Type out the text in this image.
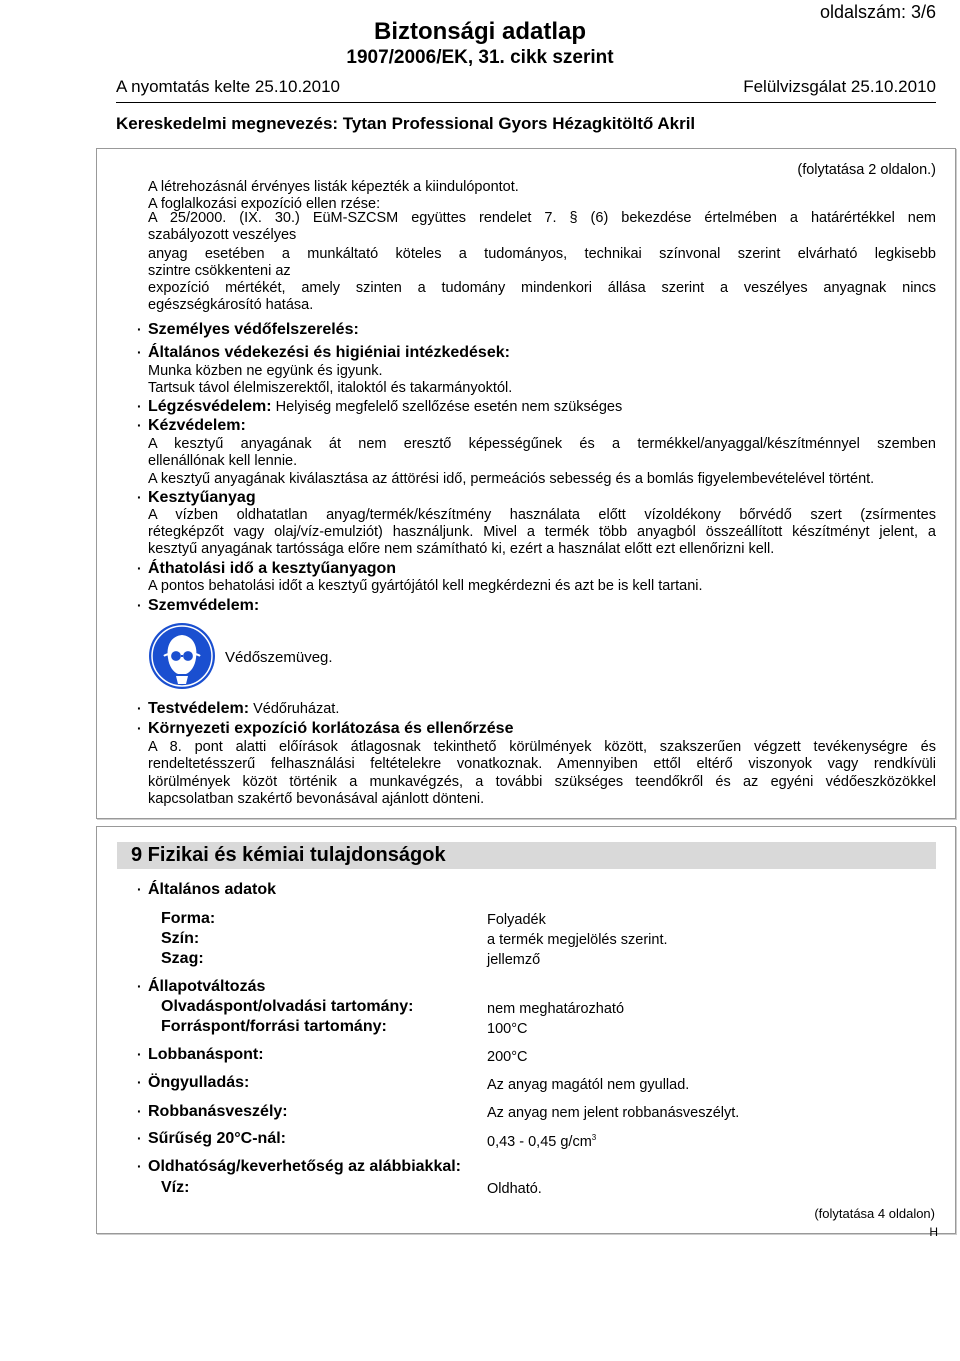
oldalszám: 3/6
Biztonsági adatlap
1907/2006/EK, 31. cikk szerint
A nyomtatás kelte 25.10.2010	Felülvizsgálat 25.10.2010
Kereskedelmi megnevezés: Tytan Professional Gyors Hézagkitöltő Akril
(folytatása 2 oldalon.)
A létrehozásnál érvényes listák képezték a kiindulópontot.
A foglalkozási expozíció ellen rzése:
A 25/2000. (IX. 30.) EüM-SZCSM együttes rendelet 7. § (6) bekezdése értelmében a határértékkel nem
szabályozott veszélyes
anyag esetében a munkáltató köteles a tudományos, technikai színvonal szerint elvárható legkisebb
szintre csökkenteni az
expozíció mértékét, amely szinten a tudomány mindenkori állása szerint a veszélyes anyagnak nincs
egészségkárosító hatása.
· Személyes védőfelszerelés:
· Általános védekezési és higiéniai intézkedések:
Munka közben ne együnk és igyunk.
Tartsuk távol élelmiszerektől, italoktól és takarmányoktól.
· Légzésvédelem: Helyiség megfelelő szellőzése esetén nem szükséges
· Kézvédelem:
A kesztyű anyagának át nem eresztő képességűnek és a termékkel/anyaggal/készítménnyel szemben
ellenállónak kell lennie.
A kesztyű anyagának kiválasztása az áttörési idő, permeációs sebesség és a bomlás figyelembevételével történt.
· Kesztyűanyag
A vízben oldhatatlan anyag/termék/készítmény használata előtt vízoldékony bőrvédő szert (zsírmentes
rétegképzőt vagy olaj/víz-emulziót) használjunk. Mivel a termék több anyagból összeállított készítményt jelent, a
kesztyű anyagának tartóssága előre nem számítható ki, ezért a használat előtt ezt ellenőrizni kell.
· Áthatolási idő a kesztyűanyagon
A pontos behatolási időt a kesztyű gyártójától kell megkérdezni és azt be is kell tartani.
· Szemvédelem:
Védőszemüveg.
· Testvédelem: Védőruházat.
· Környezeti expozíció korlátozása és ellenőrzése
A 8. pont alatti előírások átlagosnak tekinthető körülmények között, szakszerűen végzett tevékenységre és
rendeltetésszerű felhasználási feltételekre vonatkoznak. Amennyiben ettől eltérő viszonyok vagy rendkívüli
körülmények közöt történik a munkavégzés, a további szükséges teendőkről és az egyéni védőeszközökkel
kapcsolatban szakértő bevonásával ajánlott dönteni.
9 Fizikai és kémiai tulajdonságok
· Általános adatok
Forma:	Folyadék
Szín:	a termék megjelölés szerint.
Szag:	jellemző
· Állapotváltozás
Olvadáspont/olvadási tartomány:	nem meghatározható
Forráspont/forrási tartomány:	100°C
· Lobbanáspont:	200°C
· Öngyulladás:	Az anyag magától nem gyullad.
· Robbanásveszély:	Az anyag nem jelent robbanásveszélyt.
· Sűrűség 20°C-nál:	0,43 - 0,45 $g/cm^3$
· Oldhatóság/keverhetőség az alábbiakkal:
Víz:	Oldható.
(folytatása 4 oldalon)
H
